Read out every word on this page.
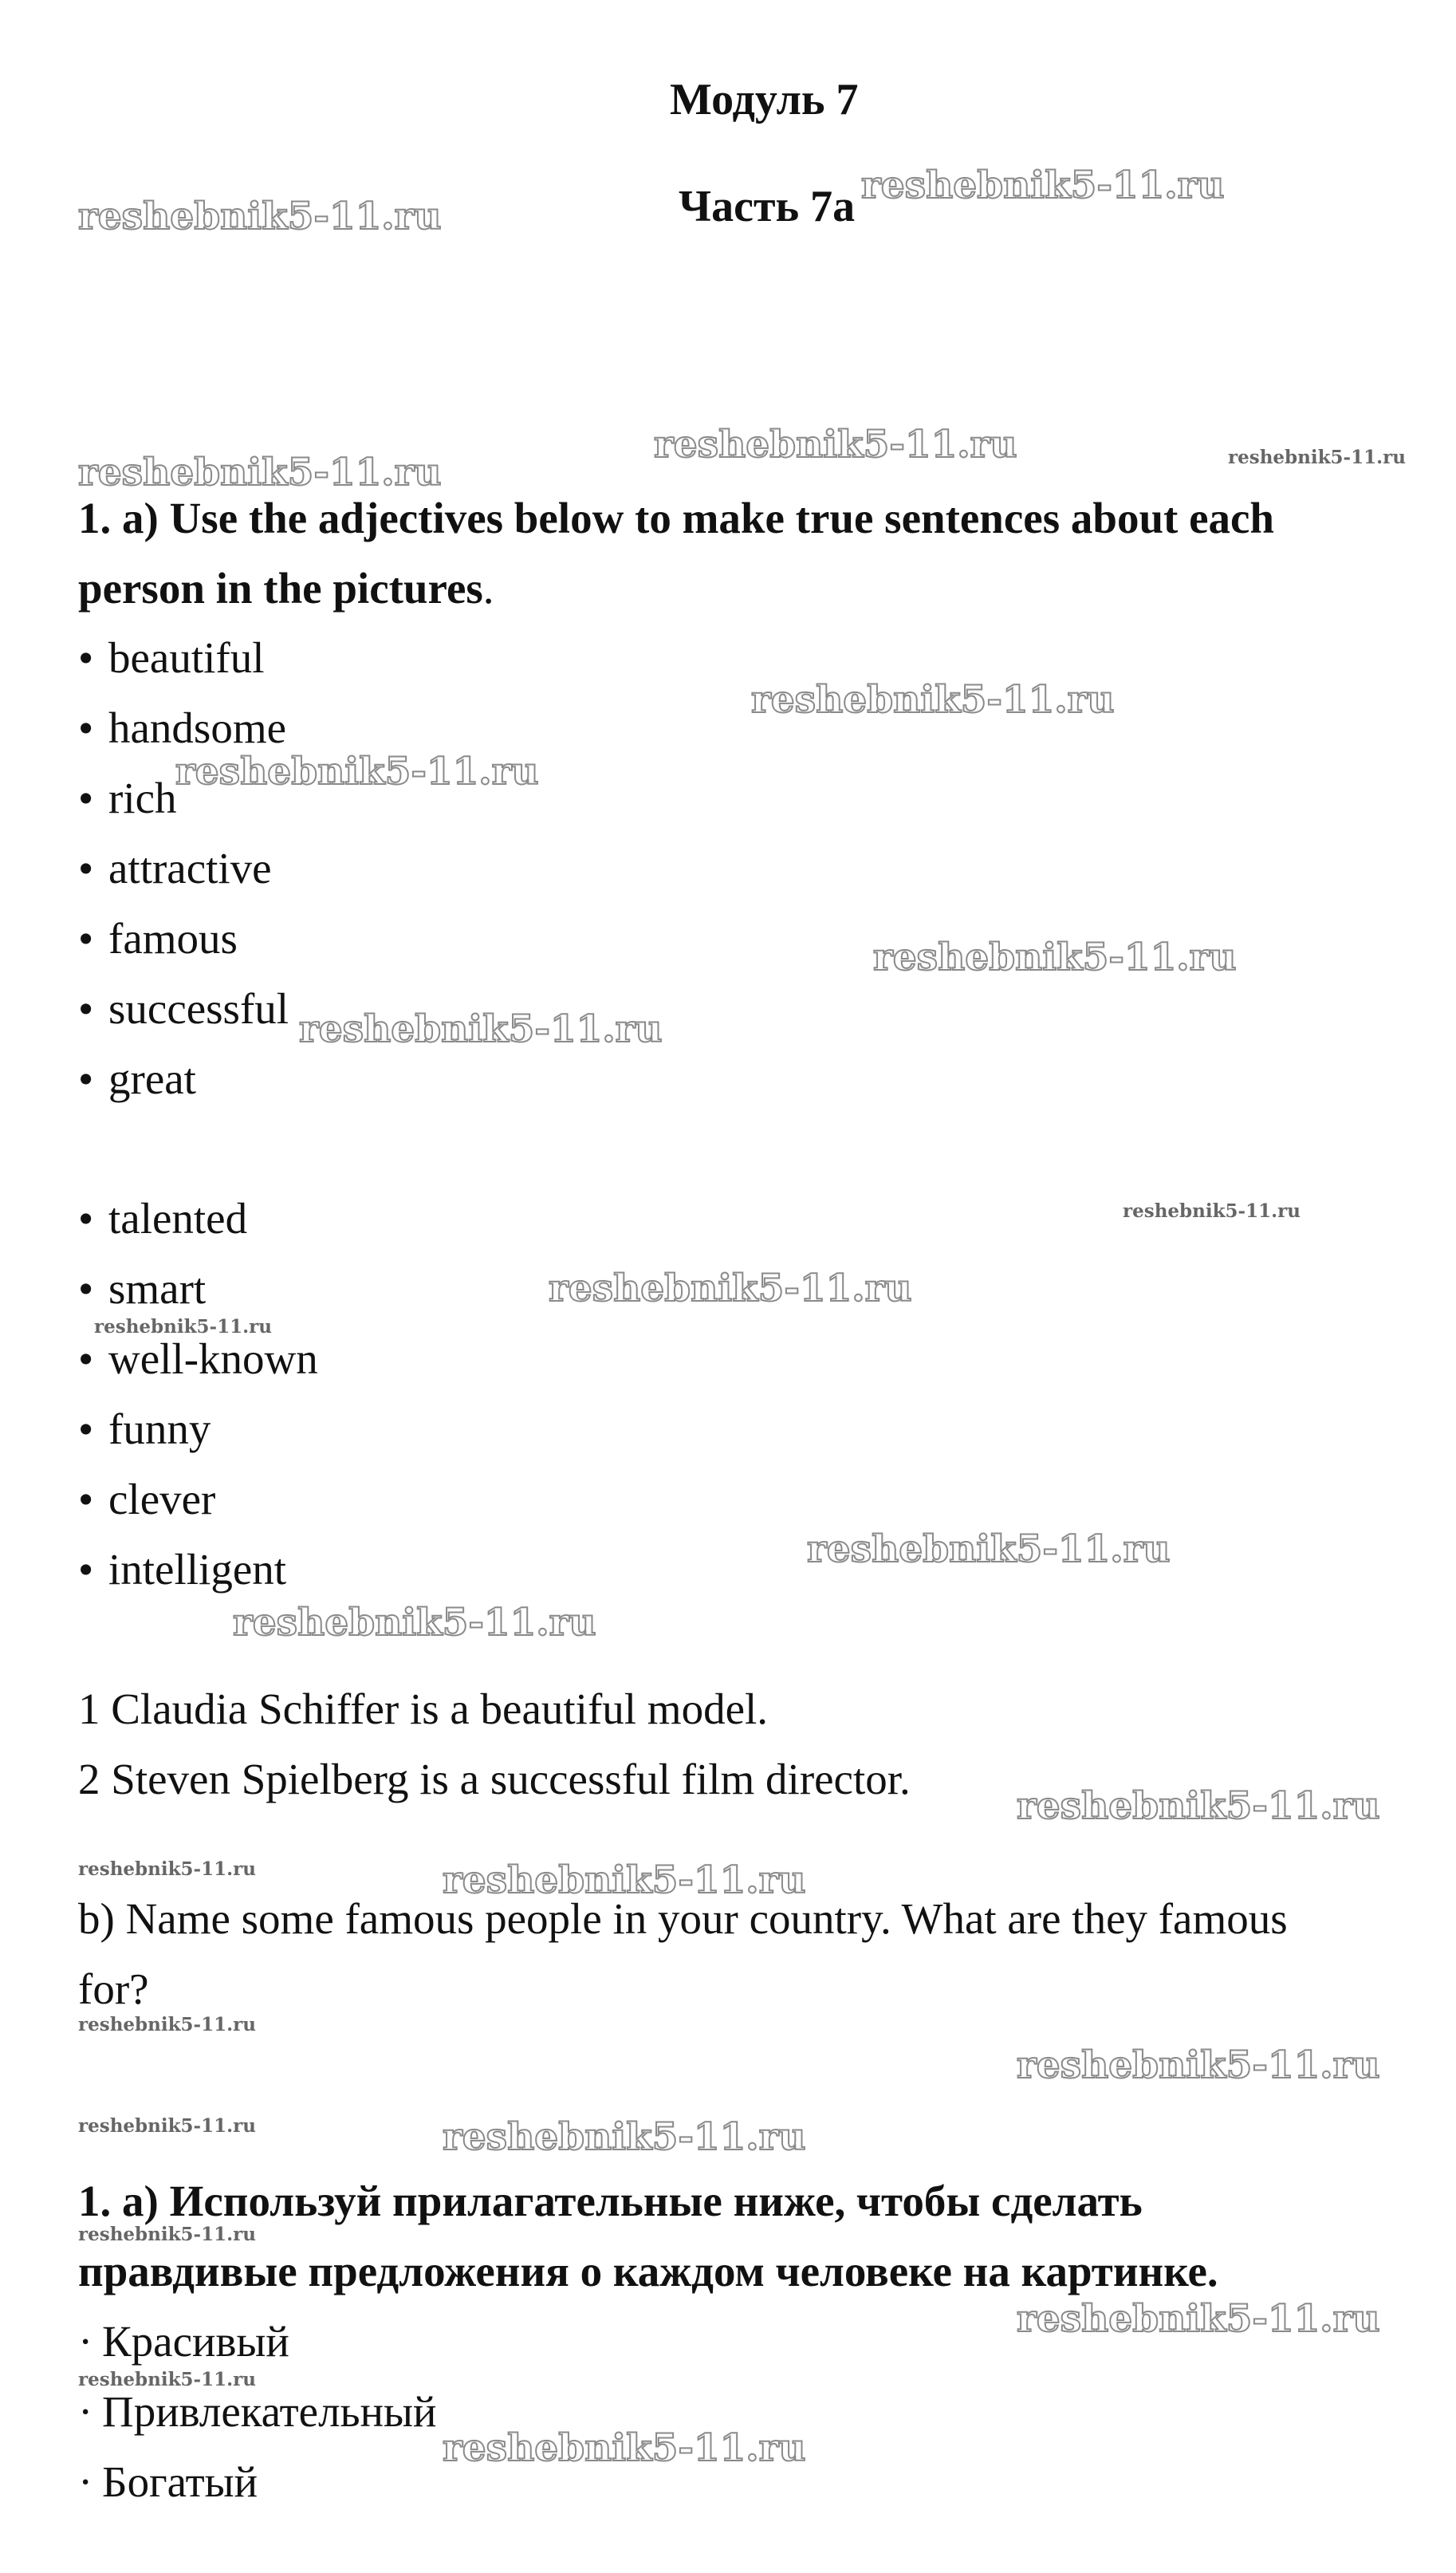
Модуль 7
Часть 7а
1. a) Use the adjectives below to make true sentences about each
person in the pictures.
• beautiful
• handsome
• rich
• attractive
• famous
• successful
• great
• talented
• smart
• well-known
• funny
• clever
• intelligent
1 Claudia Schiffer is a beautiful model.
2 Steven Spielberg is a successful film director.
b) Name some famous people in your country. What are they famous
for?
1. а) Используй прилагательные ниже, чтобы сделать
правдивые предложения о каждом человеке на картинке.
· Красивый
· Привлекательный
· Богатый
reshebnik5-11.ru
reshebnik5-11.ru
reshebnik5-11.ru
reshebnik5-11.ru	reshebnik5-11.ru
reshebnik5-11.ru
reshebnik5-11.ru
reshebnik5-11.ru
reshebnik5-11.ru
reshebnik5-11.ru
reshebnik5-11.ru
reshebnik5-11.ru
reshebnik5-11.ru
reshebnik5-11.ru
reshebnik5-11.ru
reshebnik5-11.ru	reshebnik5-11.ru
reshebnik5-11.ru
reshebnik5-11.ru
reshebnik5-11.ru	reshebnik5-11.ru
reshebnik5-11.ru
reshebnik5-11.ru
reshebnik5-11.ru
reshebnik5-11.ru
